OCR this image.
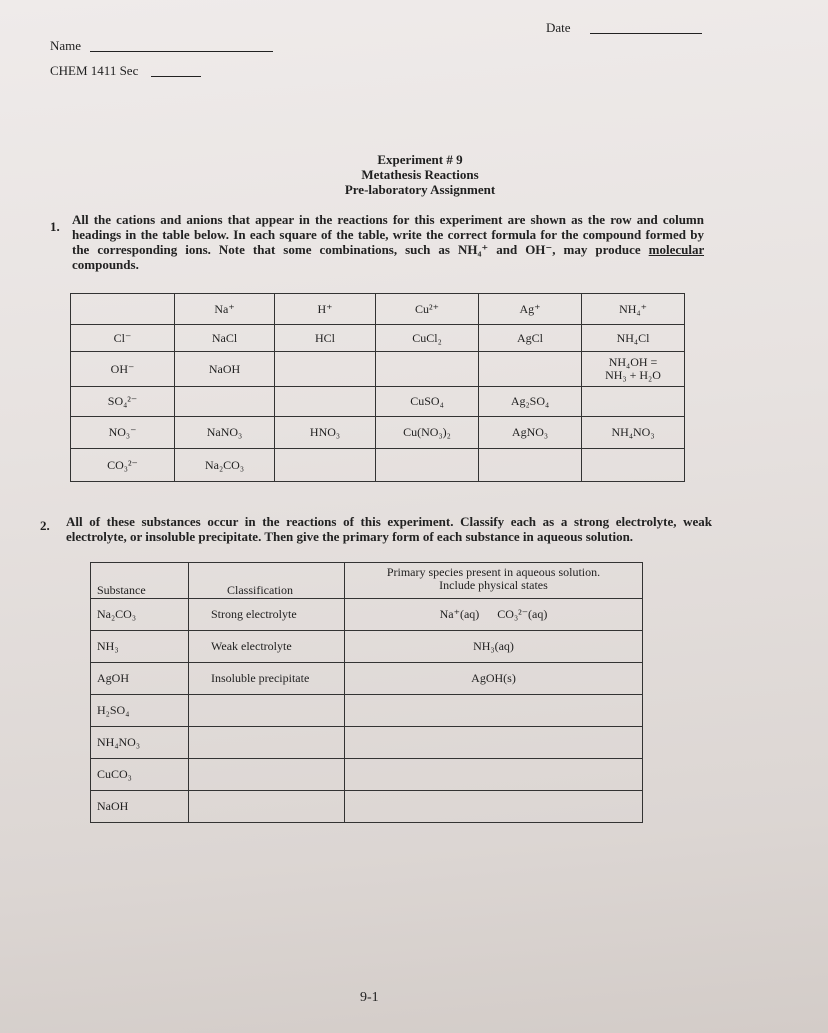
Date
Name
CHEM 1411 Sec
Experiment # 9
Metathesis Reactions
Pre-laboratory Assignment
1. All the cations and anions that appear in the reactions for this experiment are shown as the row and column headings in the table below. In each square of the table, write the correct formula for the compound formed by the corresponding ions. Note that some combinations, such as NH₄⁺ and OH⁻, may produce molecular compounds.
	Na⁺	H⁺	Cu²⁺	Ag⁺	NH₄⁺
Cl⁻	NaCl	HCl	CuCl₂	AgCl	NH₄Cl
OH⁻	NaOH				NH₄OH =
NH₃ + H₂O
SO₄²⁻			CuSO₄	Ag₂SO₄	
NO₃⁻	NaNO₃	HNO₃	Cu(NO₃)₂	AgNO₃	NH₄NO₃
CO₃²⁻	Na₂CO₃				
2. All of these substances occur in the reactions of this experiment. Classify each as a strong electrolyte, weak electrolyte, or insoluble precipitate. Then give the primary form of each substance in aqueous solution.
Substance	Classification	Primary species present in aqueous solution.
Include physical states
Na₂CO₃	Strong electrolyte	Na⁺(aq)      CO₃²⁻(aq)
NH₃	Weak electrolyte	NH₃(aq)
AgOH	Insoluble precipitate	AgOH(s)
H₂SO₄		
NH₄NO₃		
CuCO₃		
NaOH		
9-1
